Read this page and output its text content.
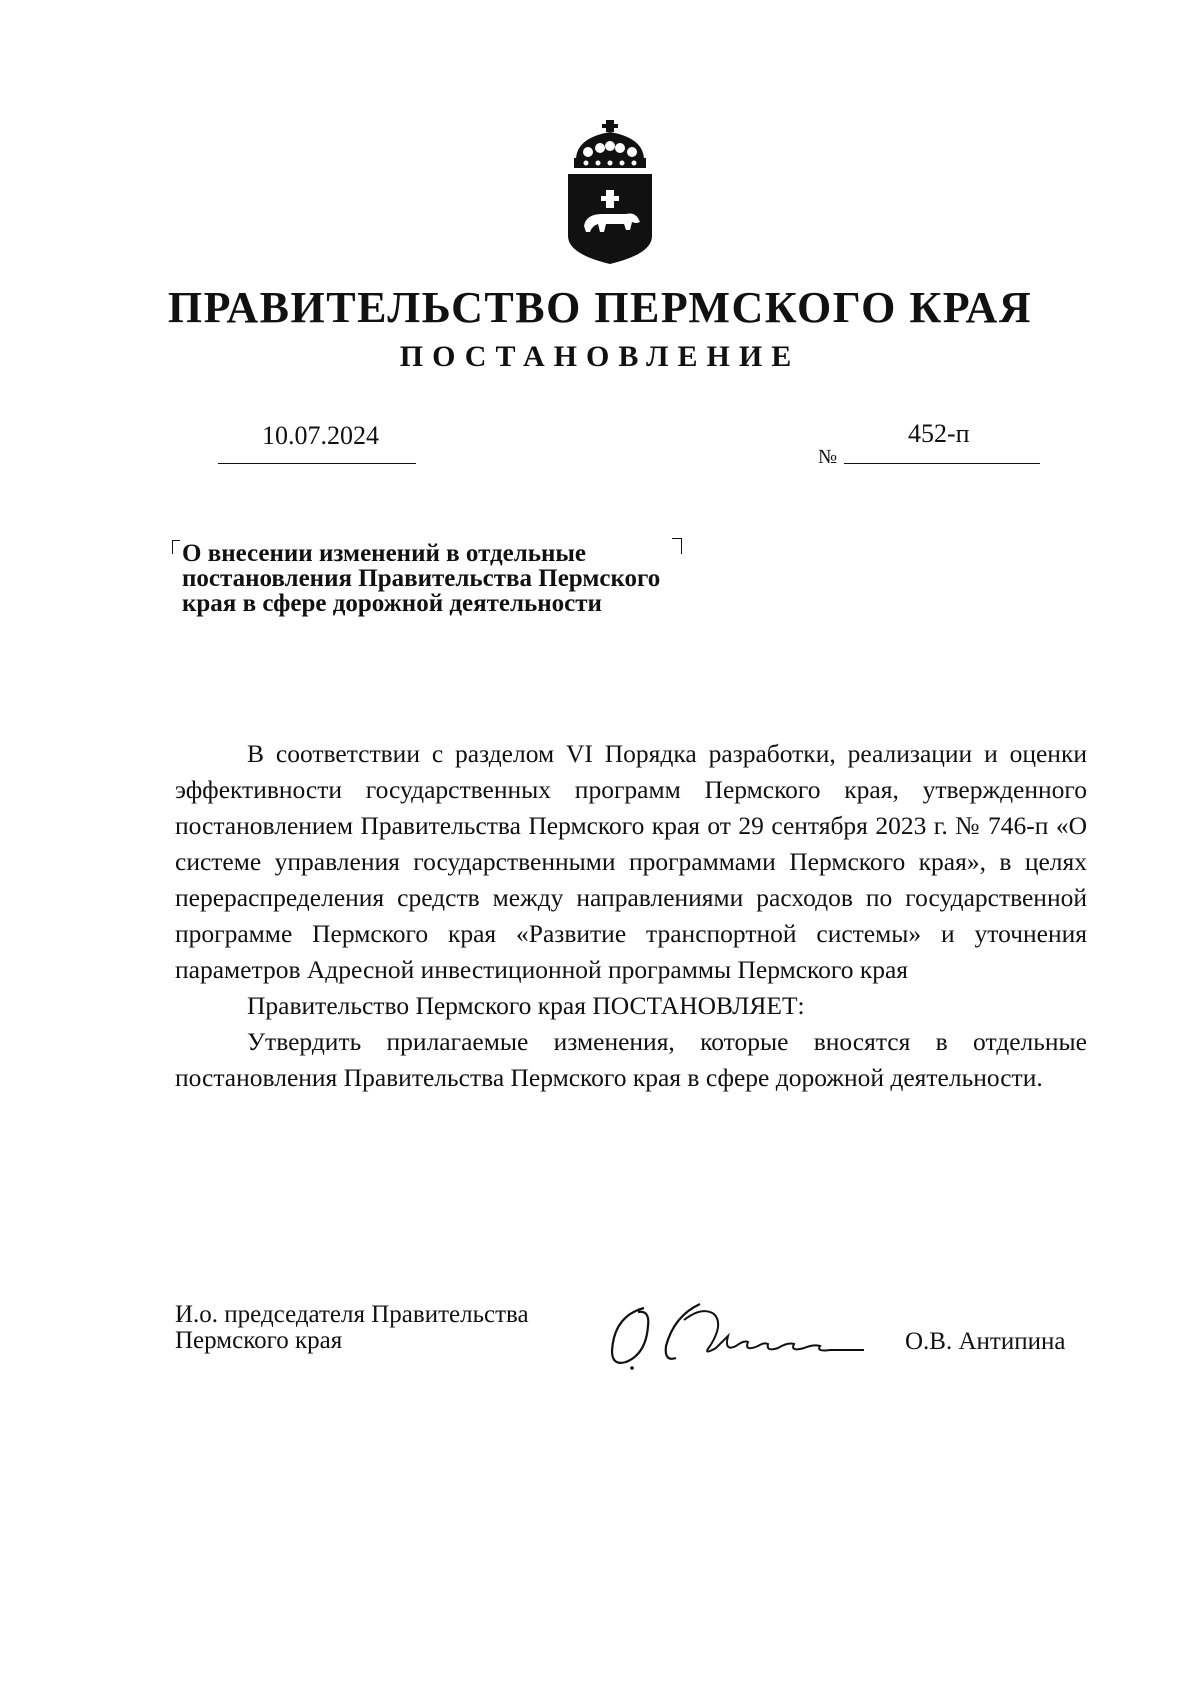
ПРАВИТЕЛЬСТВО ПЕРМСКОГО КРАЯ
ПОСТАНОВЛЕНИЕ
10.07.2024
№
452-п
О внесении изменений в отдельные постановления Правительства Пермского края в сфере дорожной деятельности

В соответствии с разделом VI Порядка разработки, реализации и оценки эффективности государственных программ Пермского края, утвержденного постановлением Правительства Пермского края от 29 сентября 2023 г. № 746-п «О системе управления государственными программами Пермского края», в целях перераспределения средств между направлениями расходов по государственной программе Пермского края «Развитие транспортной системы» и уточнения параметров Адресной инвестиционной программы Пермского края

Правительство Пермского края ПОСТАНОВЛЯЕТ:

Утвердить прилагаемые изменения, которые вносятся в отдельные постановления Правительства Пермского края в сфере дорожной деятельности.

И.о. председателя Правительства
Пермского края	О.В. Антипина
